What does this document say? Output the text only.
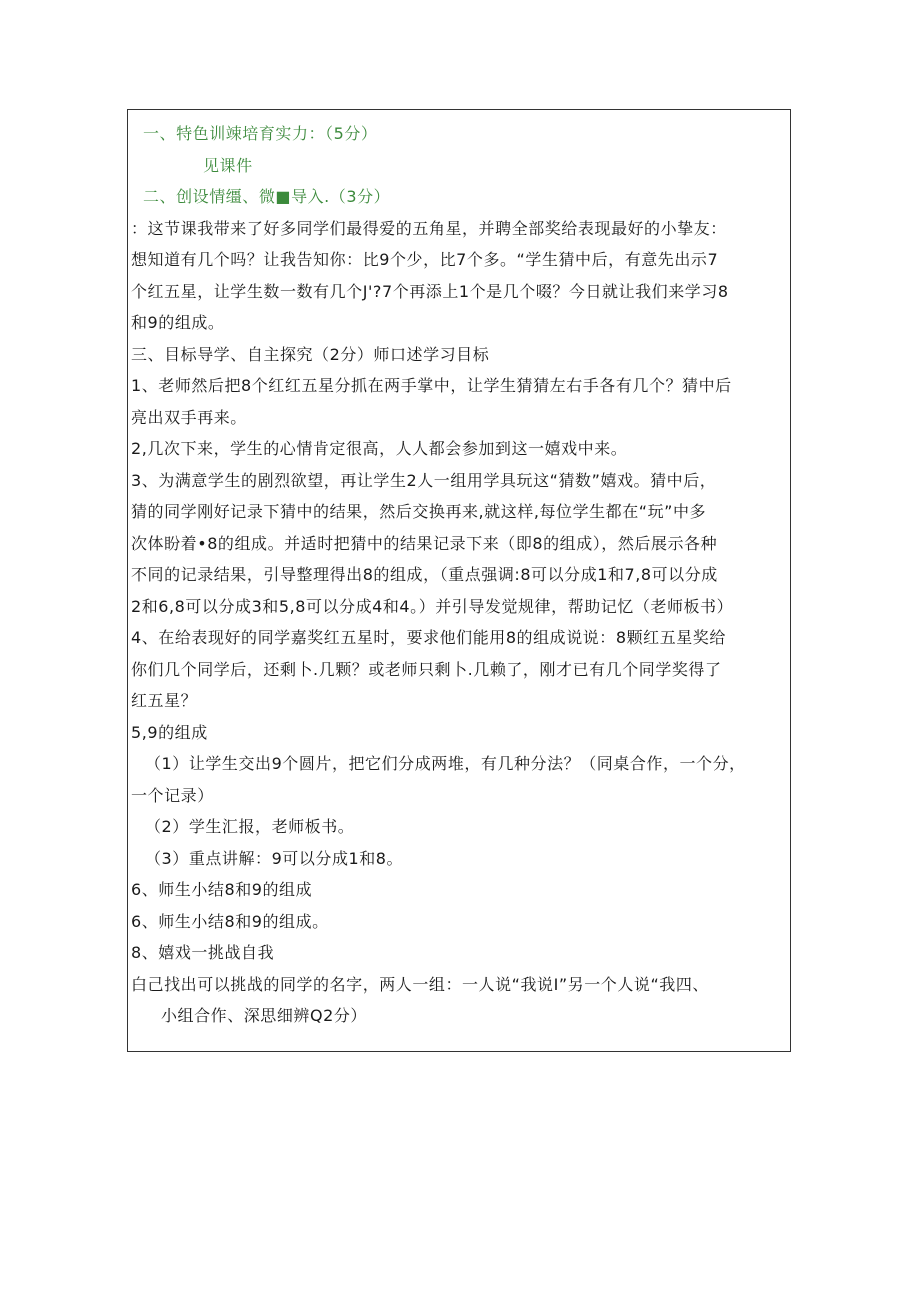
一、特色训竦培育实力：（5分）
见课件
二、创设情缰、微■导入.（3分）
：这节课我带来了好多同学们最得爱的五角星，并聘全部奖给表现最好的小挚友：
想知道有几个吗？让我告知你：比9个少，比7个多。“学生猜中后，有意先出示7
个红五星，让学生数一数有几个J'?7个再添上1个是几个啜？今日就让我们来学习8
和9的组成。
三、目标导学、自主探究（2分）师口述学习目标
1、老师然后把8个红红五星分抓在两手掌中，让学生猜猜左右手各有几个？猜中后
亮出双手再来。
2,几次下来，学生的心情肯定很高，人人都会参加到这一嬉戏中来。
3、为满意学生的剧烈欲望，再让学生2人一组用学具玩这“猜数”嬉戏。猜中后，
猜的同学刚好记录下猜中的结果，然后交换再来,就这样,每位学生都在“玩”中多
次体盼着•8的组成。并适时把猜中的结果记录下来（即8的组成），然后展示各种
不同的记录结果，引导整理得出8的组成，（重点强调:8可以分成1和7,8可以分成
2和6,8可以分成3和5,8可以分成4和4。）并引导发觉规律，帮助记忆（老师板书）
4、在给表现好的同学嘉奖红五星时，要求他们能用8的组成说说：8颗红五星奖给
你们几个同学后，还剩卜.几颗？或老师只剩卜.几赖了，刚才已有几个同学奖得了
红五星？
5,9的组成
（1）让学生交出9个圆片，把它们分成两堆，有几种分法？（同桌合作，一个分，
一个记录）
（2）学生汇报，老师板书。
（3）重点讲解：9可以分成1和8。
6、师生小结8和9的组成
6、师生小结8和9的组成。
8、嬉戏一挑战自我
白己找出可以挑战的同学的名字，两人一组：一人说“我说I”另一个人说“我四、
小组合作、深思细辨Q2分）
